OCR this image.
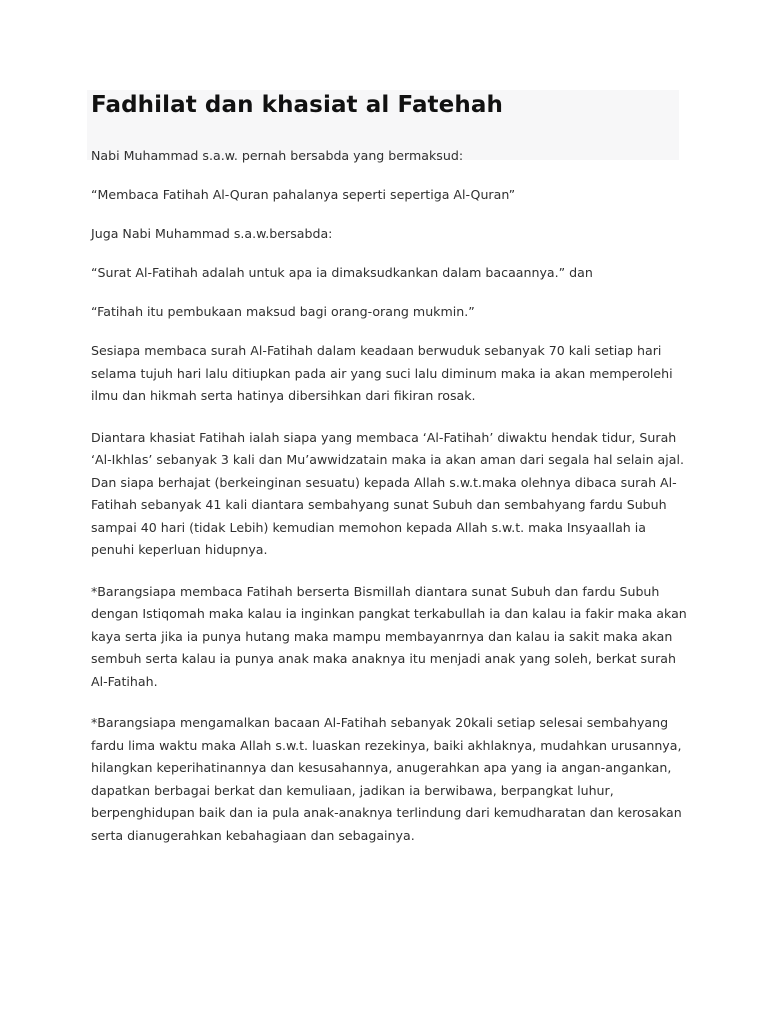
Fadhilat dan khasiat al Fatehah

Nabi Muhammad s.a.w. pernah bersabda yang bermaksud:

“Membaca Fatihah Al-Quran pahalanya seperti sepertiga Al-Quran”

Juga Nabi Muhammad s.a.w.bersabda:

“Surat Al-Fatihah adalah untuk apa ia dimaksudkankan dalam bacaannya.” dan

“Fatihah itu pembukaan maksud bagi orang-orang mukmin.”

Sesiapa membaca surah Al-Fatihah dalam keadaan berwuduk sebanyak 70 kali setiap hari selama tujuh hari lalu ditiupkan pada air yang suci lalu diminum maka ia akan memperolehi ilmu dan hikmah serta hatinya dibersihkan dari fikiran rosak.

Diantara khasiat Fatihah ialah siapa yang membaca ‘Al-Fatihah’ diwaktu hendak tidur, Surah ‘Al-Ikhlas’ sebanyak 3 kali dan Mu’awwidzatain maka ia akan aman dari segala hal selain ajal. Dan siapa berhajat (berkeinginan sesuatu) kepada Allah s.w.t.maka olehnya dibaca surah Al-Fatihah sebanyak 41 kali diantara sembahyang sunat Subuh dan sembahyang fardu Subuh sampai 40 hari (tidak Lebih) kemudian memohon kepada Allah s.w.t. maka Insyaallah ia penuhi keperluan hidupnya.

*Barangsiapa membaca Fatihah berserta Bismillah diantara sunat Subuh dan fardu Subuh dengan Istiqomah maka kalau ia inginkan pangkat terkabullah ia dan kalau ia fakir maka akan kaya serta jika ia punya hutang maka mampu membayanrnya dan kalau ia sakit maka akan sembuh serta kalau ia punya anak maka anaknya itu menjadi anak yang soleh, berkat surah Al-Fatihah.

*Barangsiapa mengamalkan bacaan Al-Fatihah sebanyak 20kali setiap selesai sembahyang fardu lima waktu maka Allah s.w.t. luaskan rezekinya, baiki akhlaknya, mudahkan urusannya, hilangkan keperihatinannya dan kesusahannya, anugerahkan apa yang ia angan-angankan, dapatkan berbagai berkat dan kemuliaan, jadikan ia berwibawa, berpangkat luhur, berpenghidupan baik dan ia pula anak-anaknya terlindung dari kemudharatan dan kerosakan serta dianugerahkan kebahagiaan dan sebagainya.
